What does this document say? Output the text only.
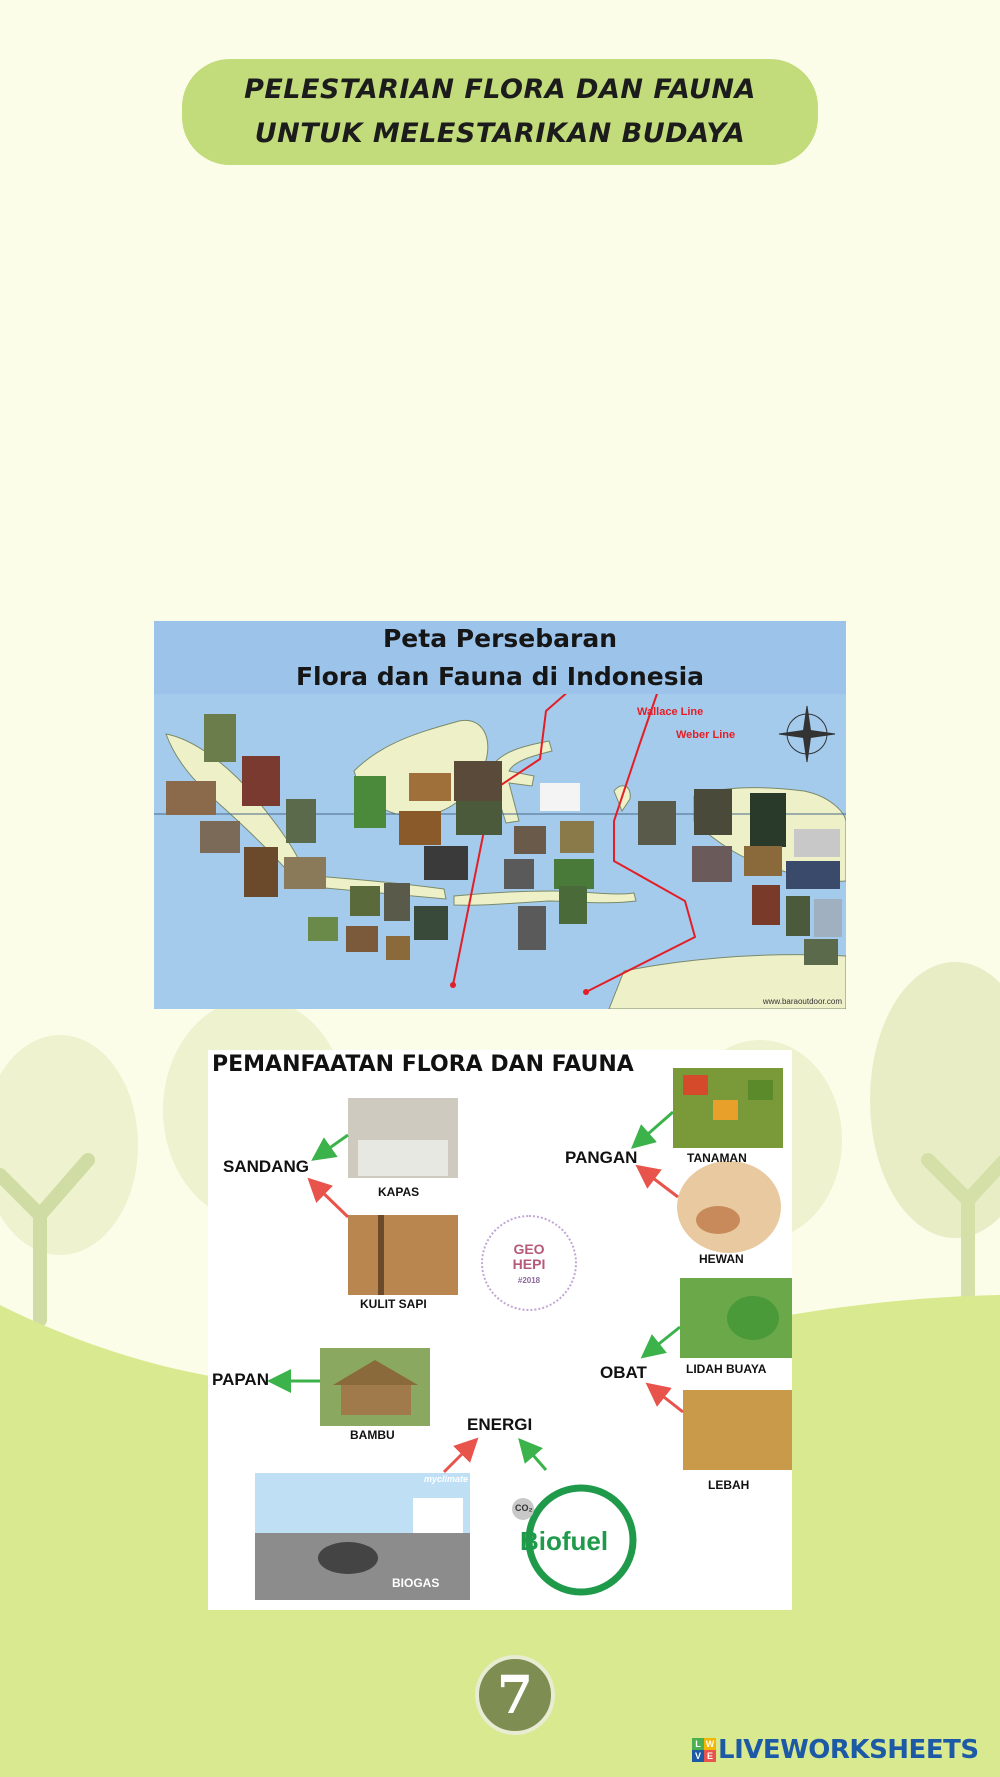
PELESTARIAN FLORA DAN FAUNA
UNTUK MELESTARIKAN BUDAYA
Peta Persebaran
Flora dan Fauna di Indonesia
Wallace Line
Weber Line
www.baraoutdoor.com
PEMANFAATAN FLORA DAN FAUNA
SANDANG	PANGAN
PAPAN	OBAT
ENERGI
KAPAS
KULIT SAPI
TANAMAN
HEWAN
BAMBU
LIDAH BUAYA
LEBAH
BIOGAS
myclimate
CO₂
Biofuel
GEO
HEPI
#2018
7
L W
V E LIVEWORKSHEETS
